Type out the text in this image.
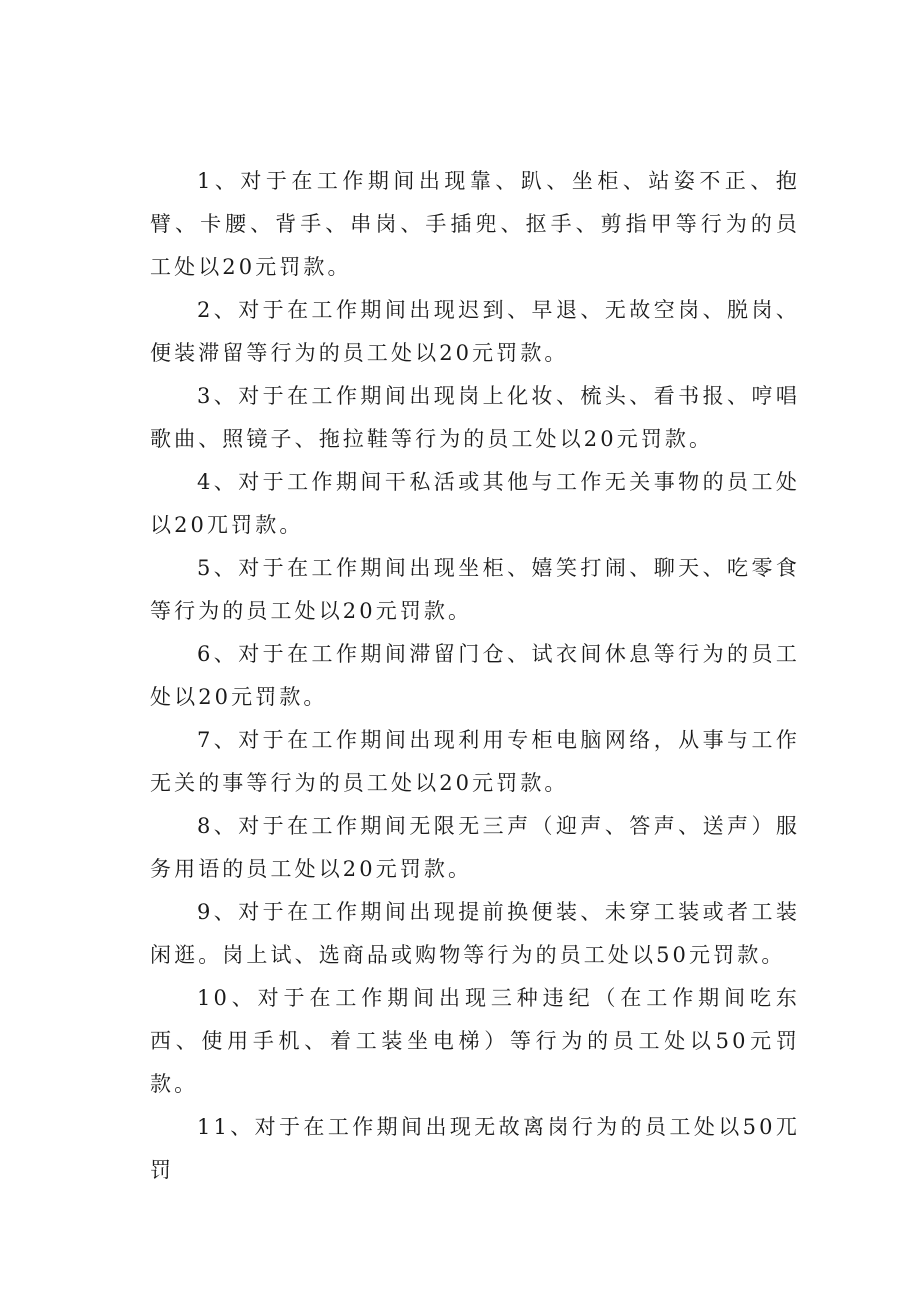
1、对于在工作期间出现靠、趴、坐柜、站姿不正、抱臂、卡腰、背手、串岗、手插兜、抠手、剪指甲等行为的员工处以20元罚款。

2、对于在工作期间出现迟到、早退、无故空岗、脱岗、便装滞留等行为的员工处以20元罚款。

3、对于在工作期间出现岗上化妆、梳头、看书报、哼唱歌曲、照镜子、拖拉鞋等行为的员工处以20元罚款。

4、对于工作期间干私活或其他与工作无关事物的员工处以20兀罚款。

5、对于在工作期间出现坐柜、嬉笑打闹、聊天、吃零食等行为的员工处以20元罚款。

6、对于在工作期间滞留门仓、试衣间休息等行为的员工处以20元罚款。

7、对于在工作期间出现利用专柜电脑网络，从事与工作无关的事等行为的员工处以20元罚款。

8、对于在工作期间无限无三声（迎声、答声、送声）服务用语的员工处以20元罚款。

9、对于在工作期间出现提前换便装、未穿工装或者工装闲逛。岗上试、选商品或购物等行为的员工处以50元罚款。

10、对于在工作期间出现三种违纪（在工作期间吃东西、使用手机、着工装坐电梯）等行为的员工处以50元罚款。

11、对于在工作期间出现无故离岗行为的员工处以50兀罚
